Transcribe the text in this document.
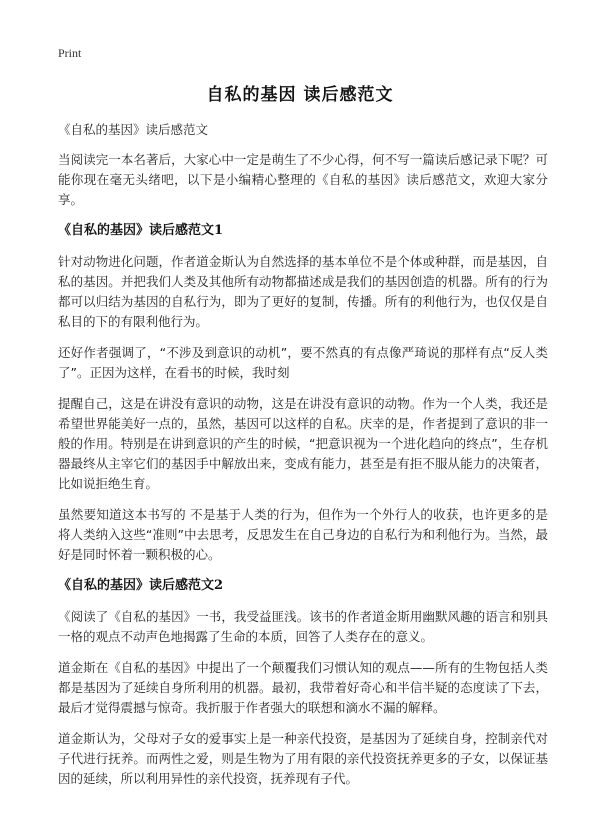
Print
自私的基因 读后感范文
《自私的基因》读后感范文

当阅读完一本名著后，大家心中一定是萌生了不少心得，何不写一篇读后感记录下呢？可能你现在毫无头绪吧，以下是小编精心整理的《自私的基因》读后感范文，欢迎大家分享。

《自私的基因》读后感范文1

针对动物进化问题，作者道金斯认为自然选择的基本单位不是个体或种群，而是基因，自私的基因。并把我们人类及其他所有动物都描述成是我们的基因创造的机器。所有的行为都可以归结为基因的自私行为，即为了更好的复制，传播。所有的利他行为，也仅仅是自私目的下的有限利他行为。

还好作者强调了，“不涉及到意识的动机”，要不然真的有点像严琦说的那样有点“反人类了”。正因为这样，在看书的时候，我时刻

提醒自己，这是在讲没有意识的动物，这是在讲没有意识的动物。作为一个人类，我还是希望世界能美好一点的，虽然，基因可以这样的自私。庆幸的是，作者提到了意识的非一般的作用。特别是在讲到意识的产生的时候，“把意识视为一个进化趋向的终点”，生存机器最终从主宰它们的基因手中解放出来，变成有能力，甚至是有拒不服从能力的决策者，比如说拒绝生育。

虽然要知道这本书写的 不是基于人类的行为，但作为一个外行人的收获，也许更多的是将人类纳入这些“准则”中去思考，反思发生在自己身边的自私行为和利他行为。当然，最好是同时怀着一颗积极的心。

《自私的基因》读后感范文2

《阅读了《自私的基因》一书，我受益匪浅。该书的作者道金斯用幽默风趣的语言和别具一格的观点不动声色地揭露了生命的本质，回答了人类存在的意义。

道金斯在《自私的基因》中提出了一个颠覆我们习惯认知的观点——所有的生物包括人类都是基因为了延续自身所利用的机器。最初，我带着好奇心和半信半疑的态度读了下去，最后才觉得震撼与惊奇。我折服于作者强大的联想和滴水不漏的解释。

道金斯认为，父母对子女的爱事实上是一种亲代投资，是基因为了延续自身，控制亲代对子代进行抚养。而两性之爱，则是生物为了用有限的亲代投资抚养更多的子女，以保证基因的延续，所以利用异性的亲代投资，抚养现有子代。
